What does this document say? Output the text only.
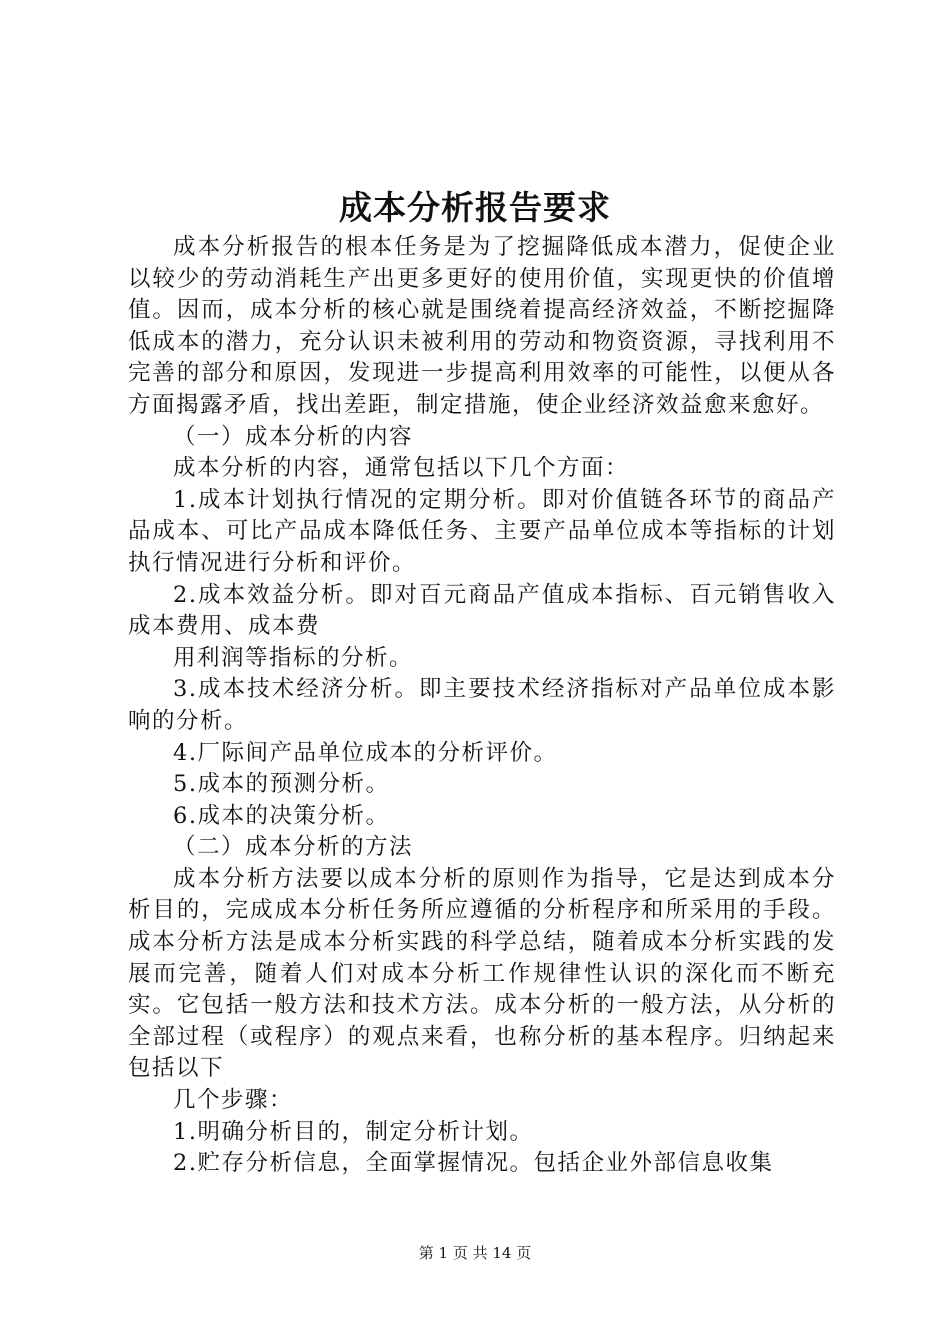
成本分析报告要求

成本分析报告的根本任务是为了挖掘降低成本潜力，促使企业以较少的劳动消耗生产出更多更好的使用价值，实现更快的价值增值。因而，成本分析的核心就是围绕着提高经济效益，不断挖掘降低成本的潜力，充分认识未被利用的劳动和物资资源，寻找利用不完善的部分和原因，发现进一步提高利用效率的可能性，以便从各方面揭露矛盾，找出差距，制定措施，使企业经济效益愈来愈好。

（一）成本分析的内容

成本分析的内容，通常包括以下几个方面：

1.成本计划执行情况的定期分析。即对价值链各环节的商品产品成本、可比产品成本降低任务、主要产品单位成本等指标的计划执行情况进行分析和评价。

2.成本效益分析。即对百元商品产值成本指标、百元销售收入成本费用、成本费

用利润等指标的分析。

3.成本技术经济分析。即主要技术经济指标对产品单位成本影响的分析。

4.厂际间产品单位成本的分析评价。

5.成本的预测分析。

6.成本的决策分析。

（二）成本分析的方法

成本分析方法要以成本分析的原则作为指导，它是达到成本分析目的，完成成本分析任务所应遵循的分析程序和所采用的手段。成本分析方法是成本分析实践的科学总结，随着成本分析实践的发展而完善，随着人们对成本分析工作规律性认识的深化而不断充实。它包括一般方法和技术方法。成本分析的一般方法，从分析的全部过程（或程序）的观点来看，也称分析的基本程序。归纳起来包括以下

几个步骤：

1.明确分析目的，制定分析计划。

2.贮存分析信息，全面掌握情况。包括企业外部信息收集

第 1 页 共 14 页
